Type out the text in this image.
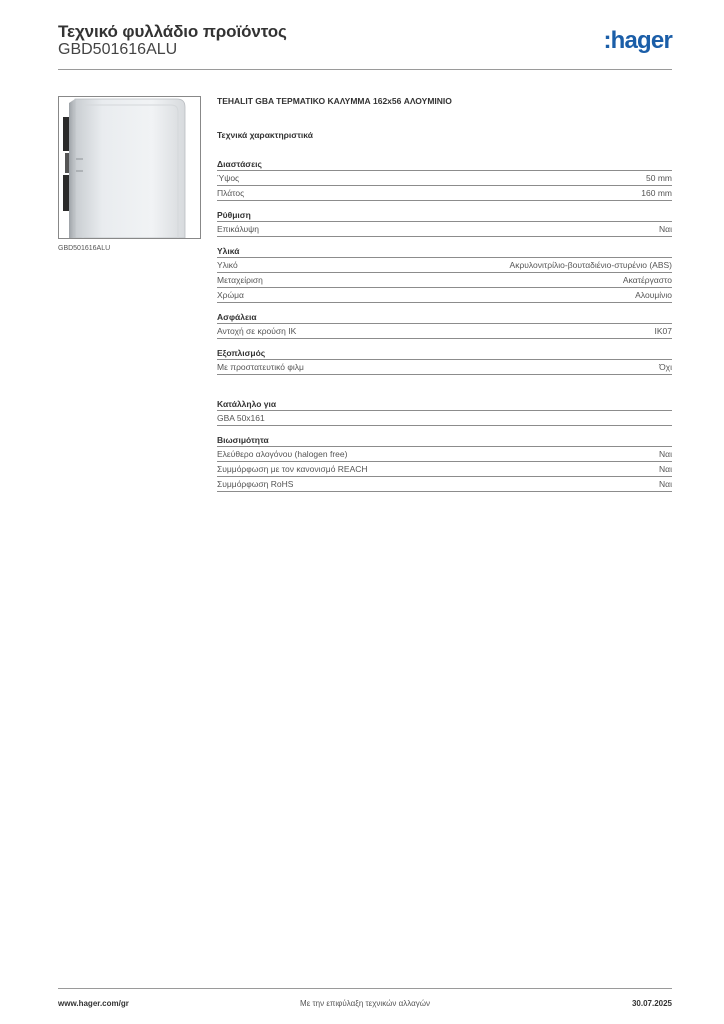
Τεχνικό φυλλάδιο προϊόντος
GBD501616ALU	:hager
GBD501616ALU
TEHALIT GBA ΤΕΡΜΑΤΙΚΟ ΚΑΛΥΜΜΑ 162x56 ΑΛΟΥΜΙΝΙΟ
Τεχνικά χαρακτηριστικά
Διαστάσεις
Ύψος	50 mm
Πλάτος	160 mm
Ρύθμιση
Επικάλυψη	Ναι
Υλικά
Υλικό	Ακρυλονιτρίλιο-βουταδιένιο-στυρένιο (ABS)
Μεταχείριση	Ακατέργαστο
Χρώμα	Αλουμίνιο
Ασφάλεια
Αντοχή σε κρούση IK	IK07
Εξοπλισμός
Με προστατευτικό φιλμ	Όχι
Κατάλληλο για
GBA 50x161
Βιωσιμότητα
Ελεύθερο αλογόνου (halogen free)	Ναι
Συμμόρφωση με τον κανονισμό REACH	Ναι
Συμμόρφωση RoHS	Ναι
www.hager.com/gr	Με την επιφύλαξη τεχνικών αλλαγών	30.07.2025
